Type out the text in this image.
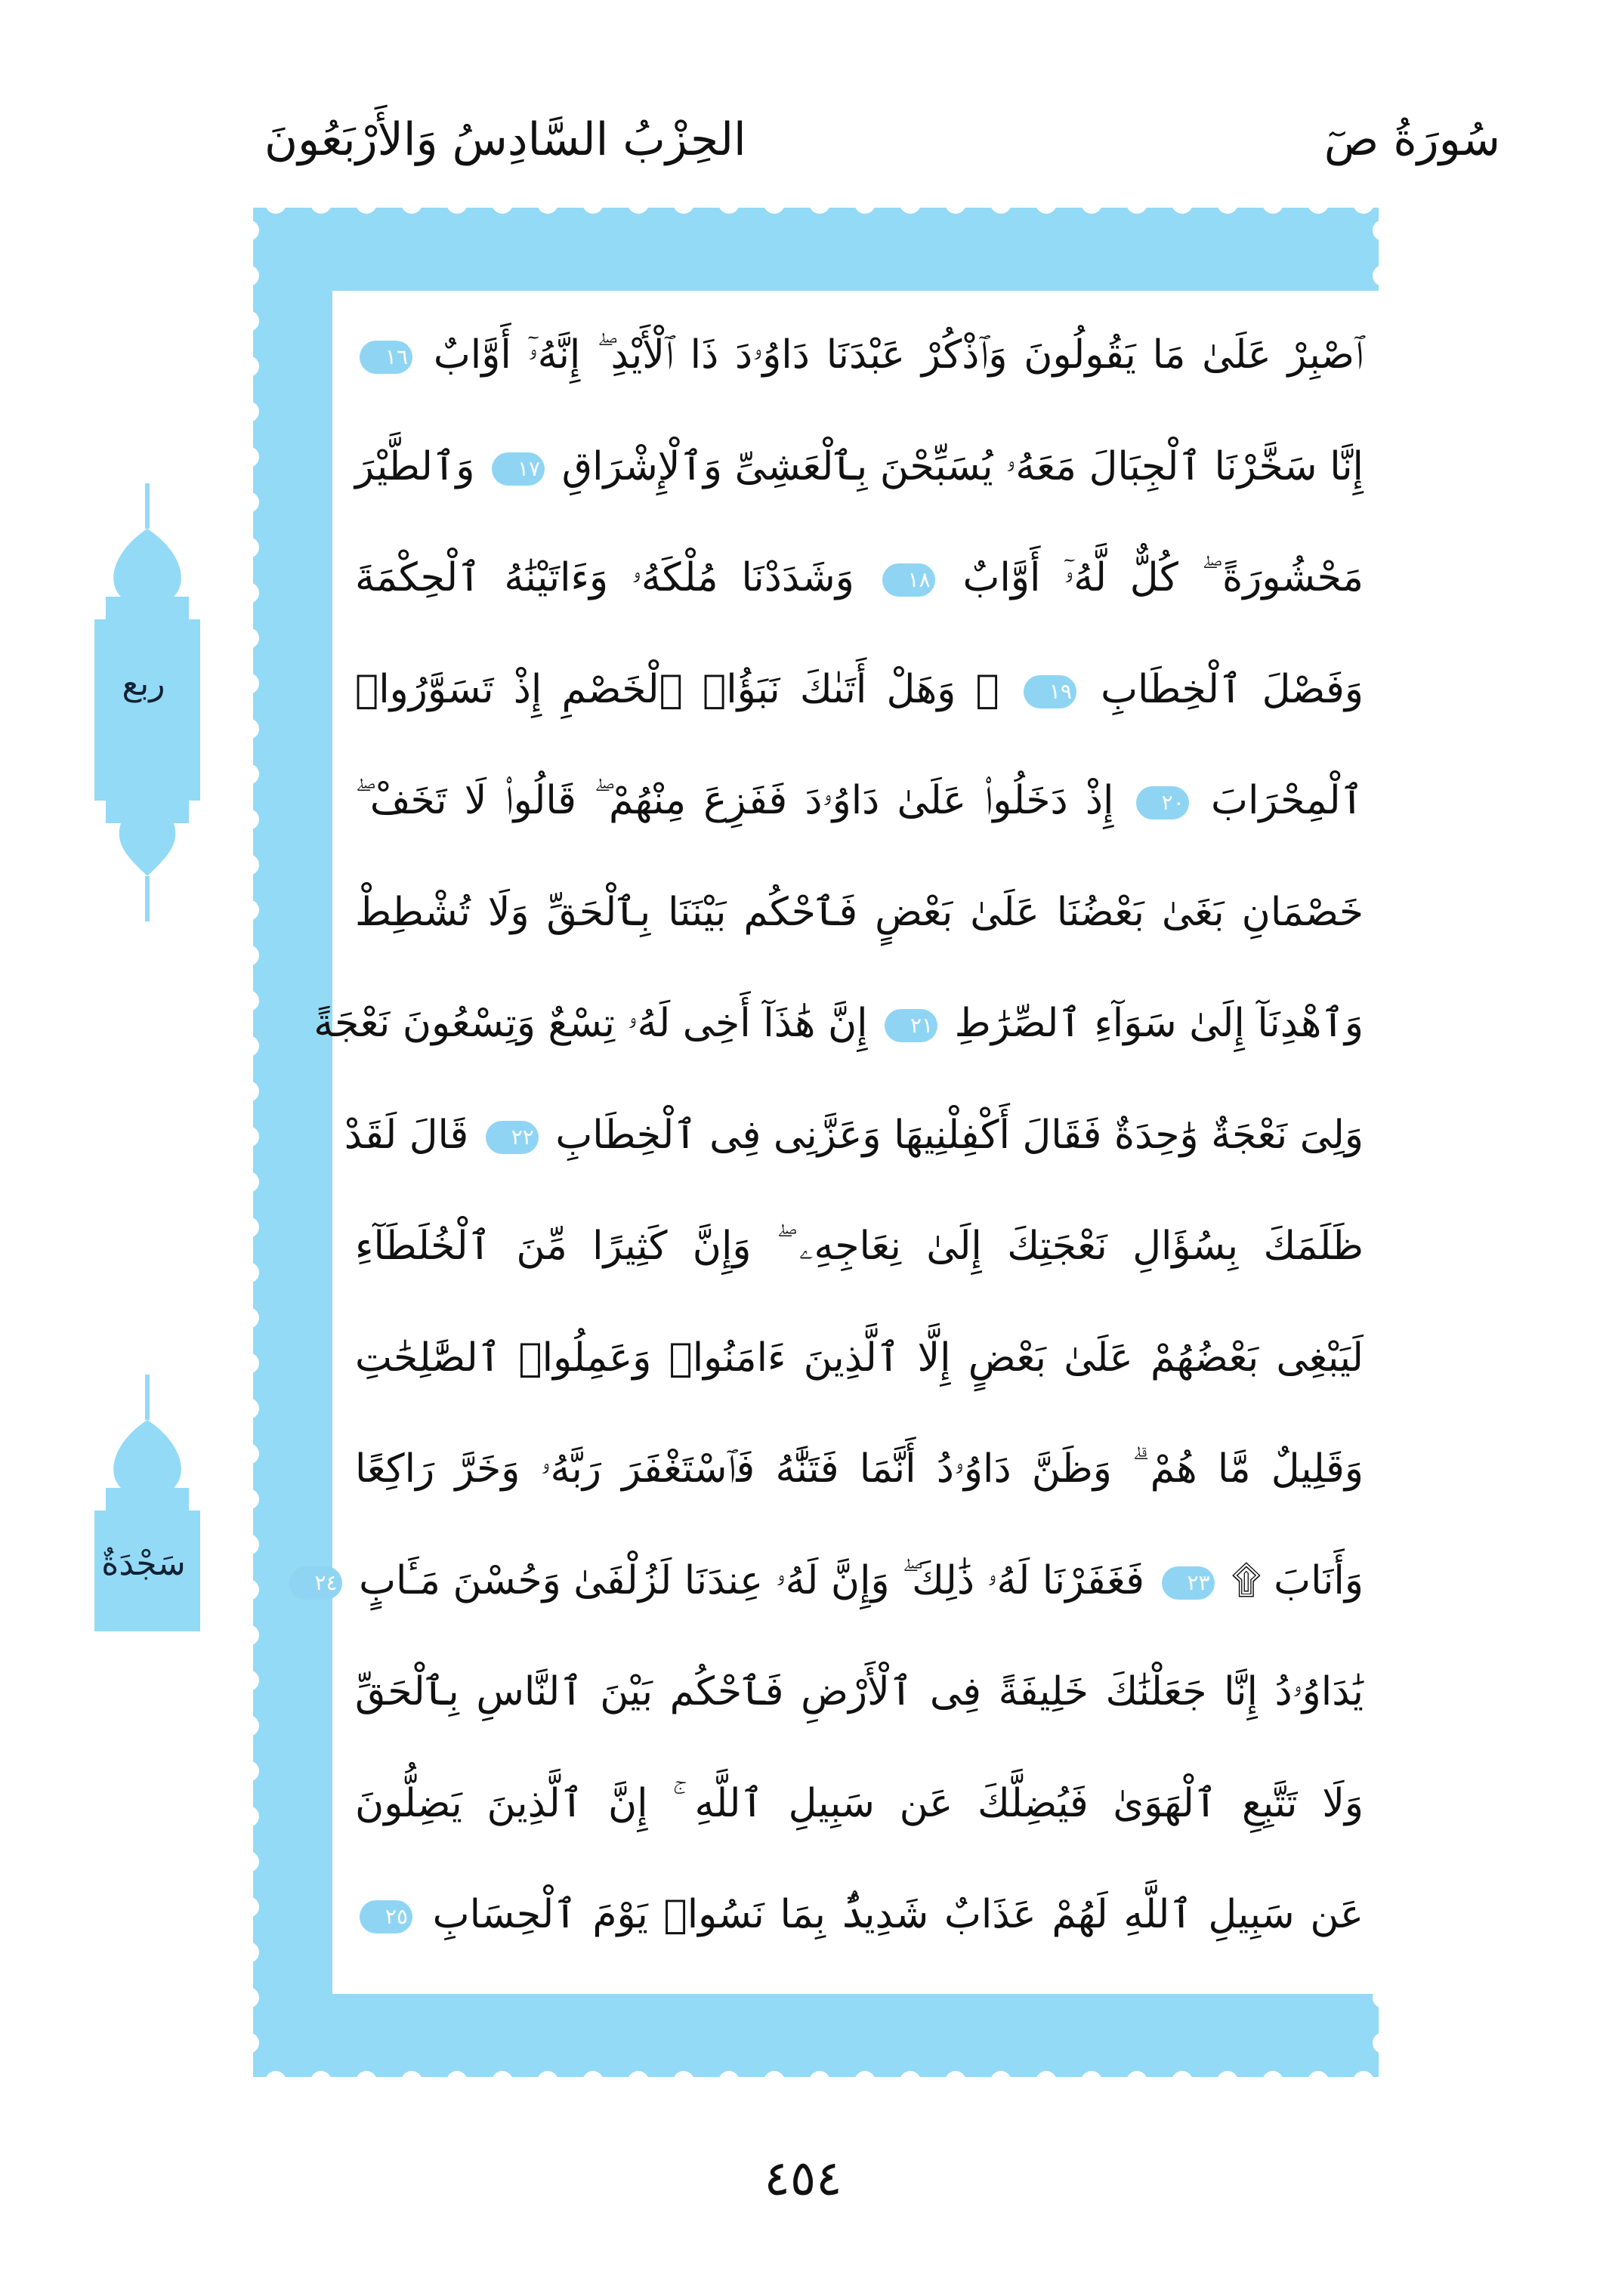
سُورَةُ صٓ
الحِزْبُ السَّادِسُ وَالأَرْبَعُونَ
ٱصْبِرْ عَلَىٰ مَا يَقُولُونَ وَٱذْكُرْ عَبْدَنَا دَاوُۥدَ ذَا ٱلْأَيْدِ ۖ إِنَّهُۥٓ أَوَّابٌ ١٦
إِنَّا سَخَّرْنَا ٱلْجِبَالَ مَعَهُۥ يُسَبِّحْنَ بِٱلْعَشِىِّ وَٱلْإِشْرَاقِ ١٧ وَٱلطَّيْرَ
مَحْشُورَةً ۖ كُلٌّ لَّهُۥٓ أَوَّابٌ ١٨ وَشَدَدْنَا مُلْكَهُۥ وَءَاتَيْنَٰهُ ٱلْحِكْمَةَ
وَفَصْلَ ٱلْخِطَابِ ١٩ ۞ وَهَلْ أَتَىٰكَ نَبَؤُا۟ ٱلْخَصْمِ إِذْ تَسَوَّرُوا۟
ٱلْمِحْرَابَ ٢٠ إِذْ دَخَلُوا۟ عَلَىٰ دَاوُۥدَ فَفَزِعَ مِنْهُمْ ۖ قَالُوا۟ لَا تَخَفْ ۖ
خَصْمَانِ بَغَىٰ بَعْضُنَا عَلَىٰ بَعْضٍ فَٱحْكُم بَيْنَنَا بِٱلْحَقِّ وَلَا تُشْطِطْ
وَٱهْدِنَآ إِلَىٰ سَوَآءِ ٱلصِّرَٰطِ ٢١ إِنَّ هَٰذَآ أَخِى لَهُۥ تِسْعٌ وَتِسْعُونَ نَعْجَةً
وَلِىَ نَعْجَةٌ وَٰحِدَةٌ فَقَالَ أَكْفِلْنِيهَا وَعَزَّنِى فِى ٱلْخِطَابِ ٢٢ قَالَ لَقَدْ
ظَلَمَكَ بِسُؤَالِ نَعْجَتِكَ إِلَىٰ نِعَاجِهِۦ ۖ وَإِنَّ كَثِيرًا مِّنَ ٱلْخُلَطَآءِ
لَيَبْغِى بَعْضُهُمْ عَلَىٰ بَعْضٍ إِلَّا ٱلَّذِينَ ءَامَنُوا۟ وَعَمِلُوا۟ ٱلصَّٰلِحَٰتِ
وَقَلِيلٌ مَّا هُمْ ۗ وَظَنَّ دَاوُۥدُ أَنَّمَا فَتَنَّٰهُ فَٱسْتَغْفَرَ رَبَّهُۥ وَخَرَّ رَاكِعًا
وَأَنَابَ ۩ ٢٣ فَغَفَرْنَا لَهُۥ ذَٰلِكَ ۖ وَإِنَّ لَهُۥ عِندَنَا لَزُلْفَىٰ وَحُسْنَ مَـَٔابٍ ٢٤
يَٰدَاوُۥدُ إِنَّا جَعَلْنَٰكَ خَلِيفَةً فِى ٱلْأَرْضِ فَٱحْكُم بَيْنَ ٱلنَّاسِ بِٱلْحَقِّ
وَلَا تَتَّبِعِ ٱلْهَوَىٰ فَيُضِلَّكَ عَن سَبِيلِ ٱللَّهِ ۚ إِنَّ ٱلَّذِينَ يَضِلُّونَ
عَن سَبِيلِ ٱللَّهِ لَهُمْ عَذَابٌ شَدِيدٌۢ بِمَا نَسُوا۟ يَوْمَ ٱلْحِسَابِ ٢٥
ربع
سَجْدَةٌ
٤٥٤
